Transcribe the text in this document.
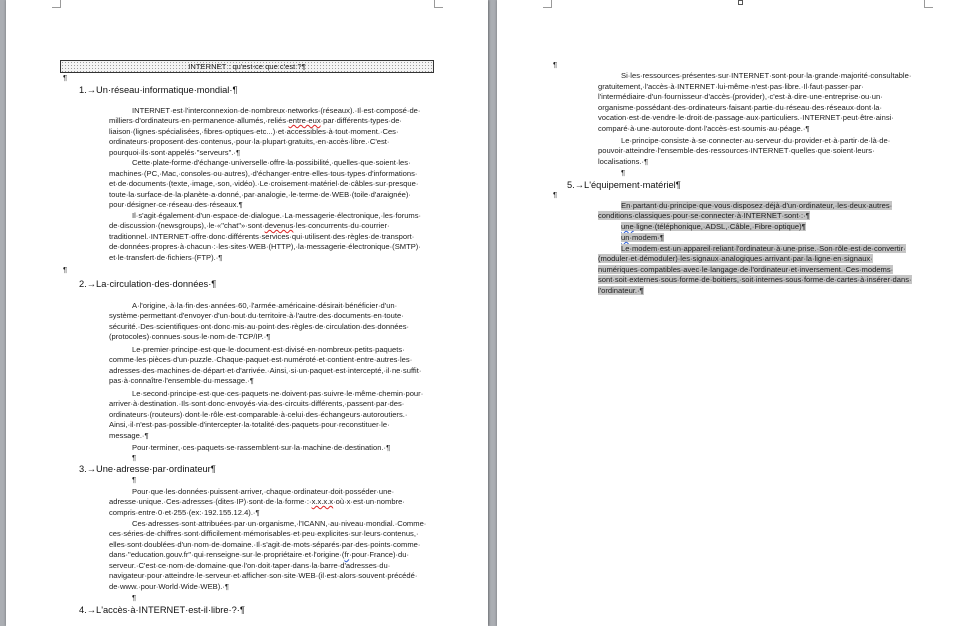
INTERNET : qu'est-ce que c'est ?¶
¶
1.→Un·réseau·informatique·mondial·¶
INTERNET·est·l'interconnexion·de·nombreux·networks·(réseaux).·Il·est·composé·de·
milliers·d'ordinateurs·en·permanence·allumés,·reliés·entre·eux·par·différents·types·de·
liaison·(lignes·spécialisées,·fibres·optiques·etc...)·et·accessibles·à·tout·moment.·Ces·
ordinateurs·proposent·des·contenus,·pour·la·plupart·gratuits,·en·accès·libre.·C'est·
pourquoi·ils·sont·appelés·"serveurs".·¶
Cette·plate-forme·d'échange·universelle·offre·la·possibilité,·quelles·que·soient·les·
machines·(PC,·Mac,·consoles·ou·autres),·d'échanger·entre·elles·tous·types·d'informations·
et·de·documents·(texte,·image,·son,·vidéo).·Le·croisement·matériel·de·câbles·sur·presque·
toute·la·surface·de·la·planète·a·donné,·par·analogie,·le·terme·de·WEB·(toile·d'araignée)·
pour·désigner·ce·réseau·des·réseaux.¶
Il·s'agit·également·d'un·espace·de·dialogue.·La·messagerie·électronique,·les·forums·
de·discussion·(newsgroups),·le·«"chat"»·sont·devenus·les·concurrents·du·courrier·
traditionnel.·INTERNET·offre·donc·différents·services·qui·utilisent·des·règles·de·transport·
de·données·propres·à·chacun·:·les·sites·WEB·(HTTP),·la·messagerie·électronique·(SMTP)·
et·le·transfert·de·fichiers·(FTP).·¶
¶
2.→La·circulation·des·données·¶
A·l'origine,·à·la·fin·des·années·60,·l'armée·américaine·désirait·bénéficier·d'un·
système·permettant·d'envoyer·d'un·bout·du·territoire·à·l'autre·des·documents·en·toute·
sécurité.·Des·scientifiques·ont·donc·mis·au·point·des·règles·de·circulation·des·données·
(protocoles)·connues·sous·le·nom·de·TCP/IP.·¶
Le·premier·principe·est·que·le·document·est·divisé·en·nombreux·petits·paquets·
comme·les·pièces·d'un·puzzle.·Chaque·paquet·est·numéroté·et·contient·entre·autres·les·
adresses·des·machines·de·départ·et·d'arrivée.·Ainsi,·si·un·paquet·est·intercepté,·il·ne·suffit·
pas·à·connaître·l'ensemble·du·message.·¶
Le·second·principe·est·que·ces·paquets·ne·doivent·pas·suivre·le·même·chemin·pour·
arriver·à·destination.·Ils·sont·donc·envoyés·via·des·circuits·différents,·passent·par·des·
ordinateurs·(routeurs)·dont·le·rôle·est·comparable·à·celui·des·échangeurs·autoroutiers.·
Ainsi,·il·n'est·pas·possible·d'intercepter·la·totalité·des·paquets·pour·reconstituer·le·
message.·¶
Pour·terminer,·ces·paquets·se·rassemblent·sur·la·machine·de·destination.·¶
¶
3.→Une·adresse·par·ordinateur¶
¶
Pour·que·les·données·puissent·arriver,·chaque·ordinateur·doit·posséder·une·
adresse·unique.·Ces·adresses·(dites·IP)·sont·de·la·forme·:·x.x.x.x·où·x·est·un·nombre·
compris·entre·0·et·255·(ex:·192.155.12.4).·¶
Ces·adresses·sont·attribuées·par·un·organisme,·l'ICANN,·au·niveau·mondial.·Comme·
ces·séries·de·chiffres·sont·difficilement·mémorisables·et·peu·explicites·sur·leurs·contenus,·
elles·sont·doublées·d'un·nom·de·domaine.·Il·s'agit·de·mots·séparés·par·des·points·comme·
dans·"education.gouv.fr"·qui·renseigne·sur·le·propriétaire·et·l'origine·(fr·pour·France)·du·
serveur.·C'est·ce·nom·de·domaine·que·l'on·doit·taper·dans·la·barre·d'adresses·du·
navigateur·pour·atteindre·le·serveur·et·afficher·son·site·WEB·(il·est·alors·souvent·précédé·
de·www.·pour·World·Wide·WEB).·¶
¶
4.→L'accès·à·INTERNET·est-il·libre·?·¶
¶
Si·les·ressources·présentes·sur·INTERNET·sont·pour·la·grande·majorité·consultable·
gratuitement,·l'accès·à·INTERNET·lui-même·n'est·pas·libre.·Il·faut·passer·par·
l'intermédiaire·d'un·fournisseur·d'accès·(provider),·c'est·à·dire·une·entreprise·ou·un·
organisme·possédant·des·ordinateurs·faisant·partie·du·réseau·des·réseaux·dont·la·
vocation·est·de·vendre·le·droit·de·passage·aux·particuliers.·INTERNET·peut·être·ainsi·
comparé·à·une·autoroute·dont·l'accès·est·soumis·au·péage.·¶
Le·principe·consiste·à·se·connecter·au·serveur·du·provider·et·à·partir·de·là·de·
pouvoir·atteindre·l'ensemble·des·ressources·INTERNET·quelles·que·soient·leurs·
localisations.·¶
¶
5.→L'équipement·matériel¶
¶
En·partant·du·principe·que·vous·disposez·déjà·d'un·ordinateur,·les·deux·autres·
conditions·classiques·pour·se·connecter·à·INTERNET·sont·:·¶
une·ligne·(téléphonique,·ADSL,·Câble,·Fibre·optique)¶
un·modem·¶
Le·modem·est·un·appareil·reliant·l'ordinateur·à·une·prise.·Son·rôle·est·de·convertir·
(moduler·et·démoduler)·les·signaux·analogiques·arrivant·par·la·ligne·en·signaux·
numériques·compatibles·avec·le·langage·de·l'ordinateur·et·inversement.·Ces·modems·
sont·soit·externes·sous·forme·de·boitiers,·soit·internes·sous·forme·de·cartes·à·insérer·dans·
l'ordinateur.·¶
